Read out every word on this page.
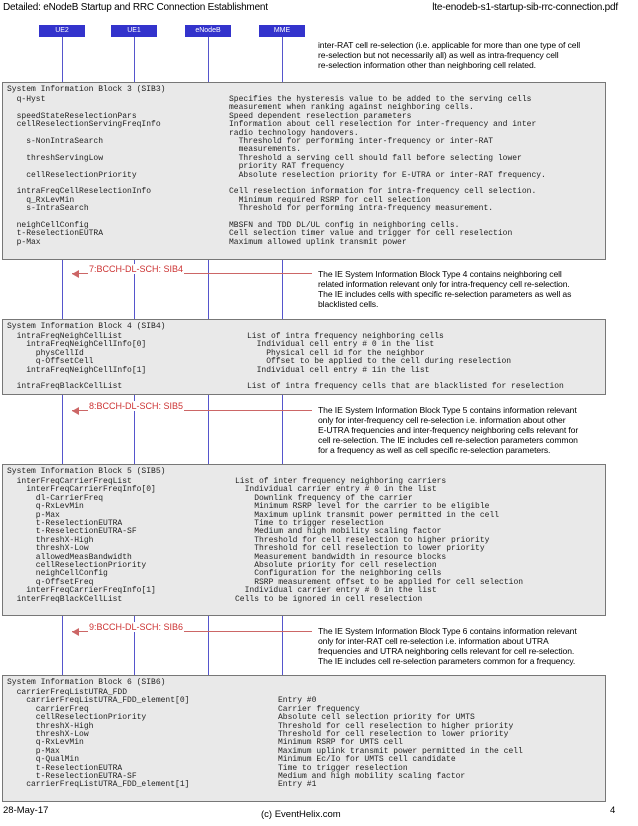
Detailed: eNodeB Startup and RRC Connection Establishment	lte-enodeb-s1-startup-sib-rrc-connection.pdf
UE2	UE1	eNodeB	MME
inter-RAT cell re-selection (i.e. applicable for more than one type of cell
re-selection but not necessarily all) as well as intra-frequency cell
re-selection information other than neighboring cell related.
System Information Block 3 (SIB3)
q-Hyst	Specifies the hysteresis value to be added to the serving cells
measurement when ranking against neighboring cells.
speedStateReselectionPars	Speed dependent reselection parameters
cellReselectionServingFreqInfo	Information about cell reselection for inter-frequency and inter
radio technology handovers.
s-NonIntraSearch	Threshold for performing inter-frequency or inter-RAT
measurements.
threshServingLow	Threshold a serving cell should fall before selecting lower
priority RAT frequency
cellReselectionPriority	Absolute reselection priority for E-UTRA or inter-RAT frequency.
intraFreqCellReselectionInfo	Cell reselection information for intra-frequency cell selection.
q_RxLevMin	Minimum required RSRP for cell selection
s-IntraSearch	Threshold for performing intra-frequency measurement.
neighCellConfig	MBSFN and TDD DL/UL config in neighboring cells.
t-ReselectionEUTRA	Cell selection timer value and trigger for cell reselection
p-Max	Maximum allowed uplink transmit power
7:BCCH-DL-SCH: SIB4	The IE System Information Block Type 4 contains neighboring cell
related information relevant only for intra-frequency cell re-selection.
The IE includes cells with specific re-selection parameters as well as
blacklisted cells.
System Information Block 4 (SIB4)
intraFreqNeighCellList	List of intra frequency neighboring cells
intraFreqNeighCellInfo[0]	Individual cell entry # 0 in the list
physCellId	Physical cell id for the neighbor
q-OffsetCell	Offset to be applied to the cell during reselection
intraFreqNeighCellInfo[1]	Individual cell entry # 1in the list
intraFreqBlackCellList	List of intra frequency cells that are blacklisted for reselection
8:BCCH-DL-SCH: SIB5	The IE System Information Block Type 5 contains information relevant
only for inter-frequency cell re-selection i.e. information about other
E-UTRA frequencies and inter-frequency neighboring cells relevant for
cell re-selection. The IE includes cell re-selection parameters common
for a frequency as well as cell specific re-selection parameters.
System Information Block 5 (SIB5)
interFreqCarrierFreqList	List of inter frequency neighboring carriers
interFreqCarrierFreqInfo[0]	Individual carrier entry # 0 in the list
dl-CarrierFreq	Downlink frequency of the carrier
q-RxLevMin	Minimum RSRP level for the carrier to be eligible
p-Max	Maximum uplink transmit power permitted in the cell
t-ReselectionEUTRA	Time to trigger reselection
t-ReselectionEUTRA-SF	Medium and high mobility scaling factor
threshX-High	Threshold for cell reselection to higher priority
threshX-Low	Threshold for cell reselection to lower priority
allowedMeasBandwidth	Measurement bandwidth in resource blocks
cellReselectionPriority	Absolute priority for cell reselection
neighCellConfig	Configuration for the neighboring cells
q-OffsetFreq	RSRP measurement offset to be applied for cell selection
interFreqCarrierFreqInfo[1]	Individual carrier entry # 0 in the list
interFreqBlackCellList	Cells to be ignored in cell reselection
9:BCCH-DL-SCH: SIB6	The IE System Information Block Type 6 contains information relevant
only for inter-RAT cell re-selection i.e. information about UTRA
frequencies and UTRA neighboring cells relevant for cell re-selection.
The IE includes cell re-selection parameters common for a frequency.
System Information Block 6 (SIB6)
carrierFreqListUTRA_FDD
carrierFreqListUTRA_FDD_element[0]	Entry #0
carrierFreq	Carrier frequency
cellReselectionPriority	Absolute cell selection priority for UMTS
threshX-High	Threshold for cell reselection to higher priority
threshX-Low	Threshold for cell reselection to lower priority
q-RxLevMin	Minimum RSRP for UMTS cell
p-Max	Maximum uplink transmit power permitted in the cell
q-QualMin	Minimum Ec/Io for UMTS cell candidate
t-ReselectionEUTRA	Time to trigger reselection
t-ReselectionEUTRA-SF	Medium and high mobility scaling factor
carrierFreqListUTRA_FDD_element[1]	Entry #1
28-May-17	(c) EventHelix.com	4
